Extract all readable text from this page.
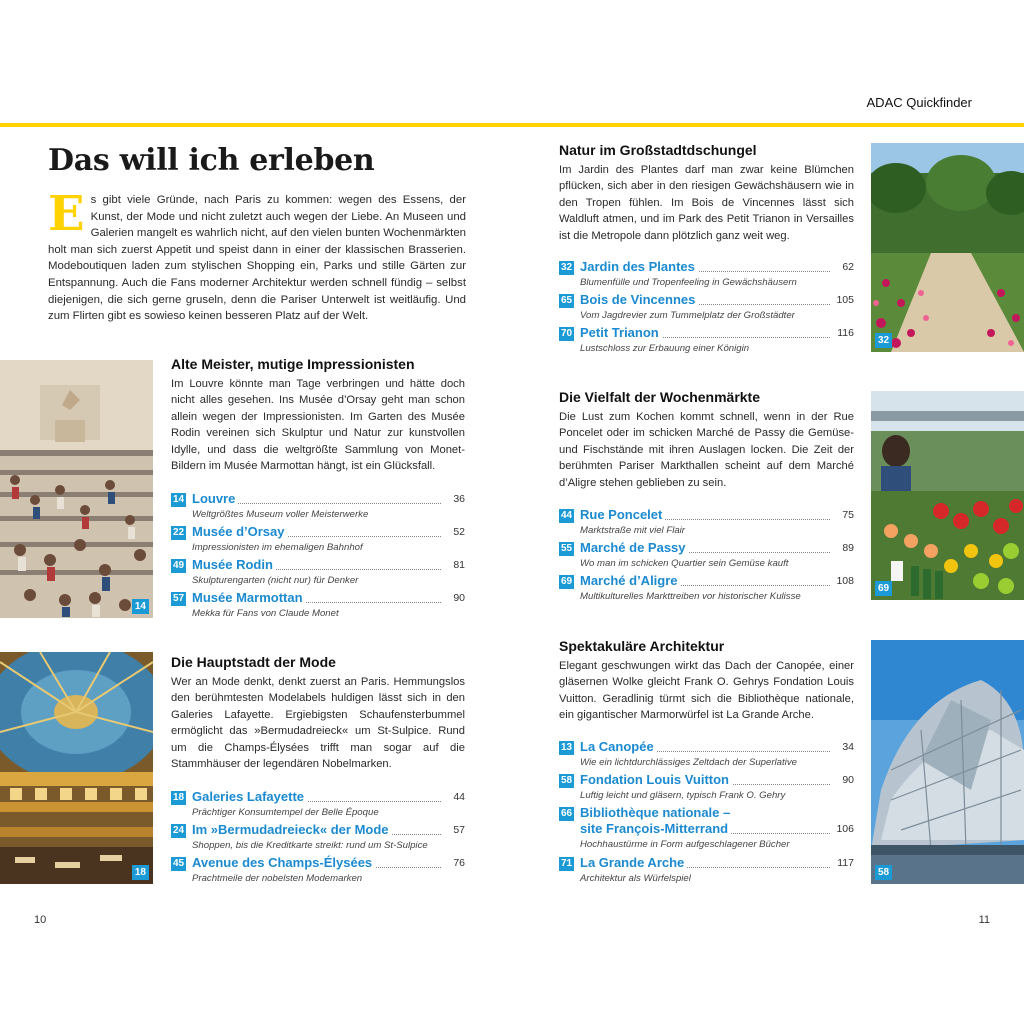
ADAC Quickfinder
Das will ich erleben
Es gibt viele Gründe, nach Paris zu kommen: wegen des Essens, der Kunst, der Mode und nicht zuletzt auch wegen der Liebe. An Museen und Galerien mangelt es wahrlich nicht, auf den vielen bunten Wochenmärkten holt man sich zuerst Appetit und speist dann in einer der klassischen Brasserien. Modeboutiquen laden zum stylischen Shopping ein, Parks und stille Gärten zur Entspannung. Auch die Fans moderner Architektur werden schnell fündig – selbst diejenigen, die sich gerne gruseln, denn die Pariser Unterwelt ist weitläufig. Und zum Flirten gibt es sowieso keinen besseren Platz auf der Welt.
14
Alte Meister, mutige Impressionisten
Im Louvre könnte man Tage verbringen und hätte doch nicht alles gesehen. Ins Musée d’Orsay geht man schon allein wegen der Impressionisten. Im Garten des Musée Rodin vereinen sich Skulptur und Natur zur kunstvollen Idylle, und dass die weltgrößte Sammlung von Monet-Bildern im Musée Marmottan hängt, ist ein Glücksfall.
14 Louvre	36
Weltgrößtes Museum voller Meisterwerke
22 Musée d’Orsay	52
Impressionisten im ehemaligen Bahnhof
49 Musée Rodin	81
Skulpturengarten (nicht nur) für Denker
57 Musée Marmottan	90
Mekka für Fans von Claude Monet
18
Die Hauptstadt der Mode
Wer an Mode denkt, denkt zuerst an Paris. Hemmungslos den berühmtesten Modelabels huldigen lässt sich in den Galeries Lafayette. Ergiebigsten Schaufensterbummel ermöglicht das »Bermudadreieck« um St-Sulpice. Rund um die Champs-Élysées trifft man sogar auf die Stammhäuser der legendären Nobelmarken.
18 Galeries Lafayette	44
Prächtiger Konsumtempel der Belle Époque
24 Im »Bermudadreieck« der Mode	57
Shoppen, bis die Kreditkarte streikt: rund um St-Sulpice
45 Avenue des Champs-Élysées	76
Prachtmeile der nobelsten Modemarken
Natur im Großstadtdschungel
Im Jardin des Plantes darf man zwar keine Blümchen pflücken, sich aber in den riesigen Gewächshäusern wie in den Tropen fühlen. Im Bois de Vincennes lässt sich Waldluft atmen, und im Park des Petit Trianon in Versailles ist die Metropole dann plötzlich ganz weit weg.
32
32 Jardin des Plantes	62
Blumenfülle und Tropenfeeling in Gewächshäusern
65 Bois de Vincennes	105
Vom Jagdrevier zum Tummelplatz der Großstädter
70 Petit Trianon	116
Lustschloss zur Erbauung einer Königin
Die Vielfalt der Wochenmärkte
Die Lust zum Kochen kommt schnell, wenn in der Rue Poncelet oder im schicken Marché de Passy die Gemüse- und Fischstände mit ihren Auslagen locken. Die Zeit der berühmten Pariser Markthallen scheint auf dem Marché d’Aligre stehen geblieben zu sein.
69
44 Rue Poncelet	75
Marktstraße mit viel Flair
55 Marché de Passy	89
Wo man im schicken Quartier sein Gemüse kauft
69 Marché d’Aligre	108
Multikulturelles Markttreiben vor historischer Kulisse
Spektakuläre Architektur
Elegant geschwungen wirkt das Dach der Canopée, einer gläsernen Wolke gleicht Frank O. Gehrys Fondation Louis Vuitton. Geradlinig türmt sich die Bibliothèque nationale, ein gigantischer Marmorwürfel ist La Grande Arche.
58
13 La Canopée	34
Wie ein lichtdurchlässiges Zeltdach der Superlative
58 Fondation Louis Vuitton	90
Luftig leicht und gläsern, typisch Frank O. Gehry
66 Bibliothèque nationale –
site François-Mitterrand	106
Hochhaustürme in Form aufgeschlagener Bücher
71 La Grande Arche	117
Architektur als Würfelspiel
10	11
